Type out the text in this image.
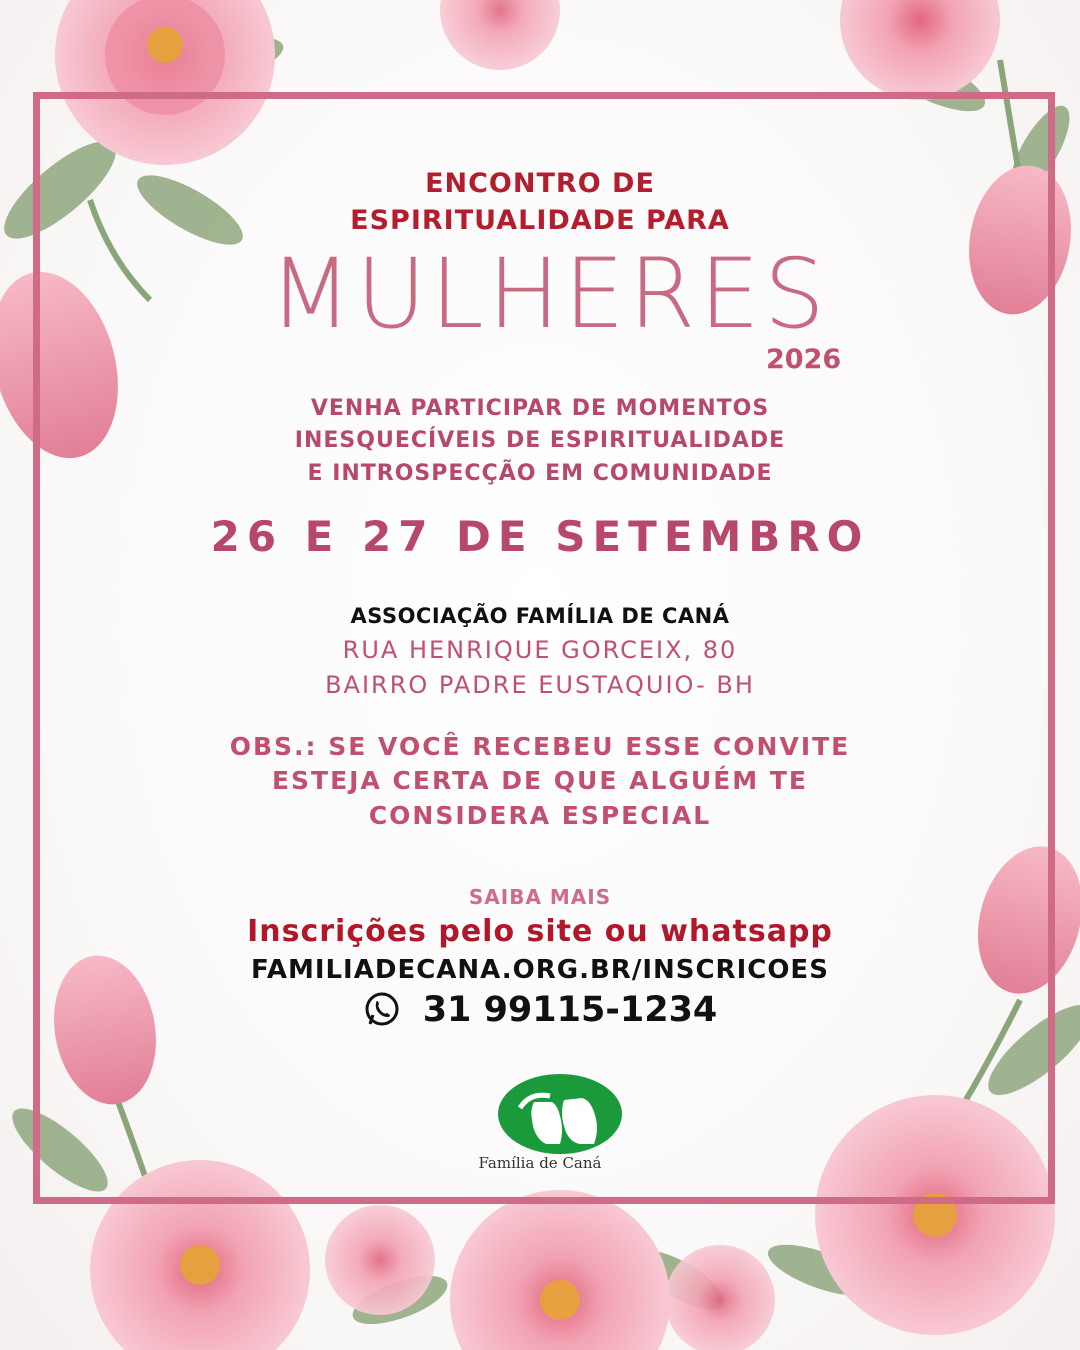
ENCONTRO DE
ESPIRITUALIDADE PARA
MULHERES
2026
VENHA PARTICIPAR DE MOMENTOS
INESQUECÍVEIS DE ESPIRITUALIDADE
E INTROSPECÇÃO EM COMUNIDADE
26 E 27 DE SETEMBRO
ASSOCIAÇÃO FAMÍLIA DE CANÁ
RUA HENRIQUE GORCEIX, 80
BAIRRO PADRE EUSTAQUIO- BH
OBS.: SE VOCÊ RECEBEU ESSE CONVITE
ESTEJA CERTA DE QUE ALGUÉM TE
CONSIDERA ESPECIAL
SAIBA MAIS
Inscrições pelo site ou whatsapp
FAMILIADECANA.ORG.BR/INSCRICOES
31 99115-1234
Família de Caná
